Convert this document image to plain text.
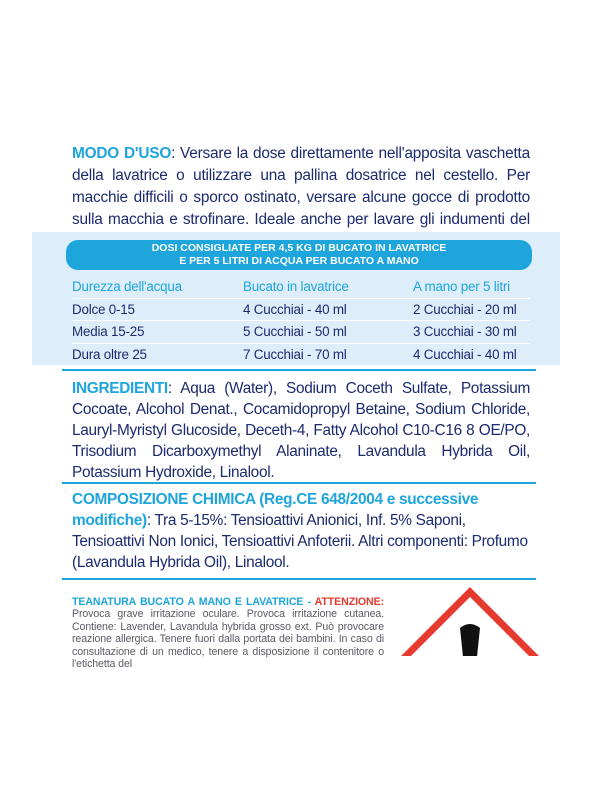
MODO D'USO: Versare la dose direttamente nell'apposita vaschetta della lavatrice o utilizzare una pallina dosatrice nel cestello. Per macchie difficili o sporco ostinato, versare alcune gocce di prodotto sulla macchia e strofinare. Ideale anche per lavare gli indumenti del
DOSI CONSIGLIATE PER 4,5 KG DI BUCATO IN LAVATRICE
E PER 5 LITRI DI ACQUA PER BUCATO A MANO
Durezza dell'acqua	Bucato in lavatrice	A mano per 5 litri
Dolce 0-15	4 Cucchiai - 40 ml	2 Cucchiai - 20 ml
Media 15-25	5 Cucchiai - 50 ml	3 Cucchiai - 30 ml
Dura oltre 25	7 Cucchiai - 70 ml	4 Cucchiai - 40 ml
INGREDIENTI: Aqua (Water), Sodium Coceth Sulfate, Potassium Cocoate, Alcohol Denat., Cocamidopropyl Betaine, Sodium Chloride, Lauryl-Myristyl Glucoside, Deceth-4, Fatty Alcohol C10-C16 8 OE/PO, Trisodium Dicarboxymethyl Alaninate, Lavandula Hybrida Oil, Potassium Hydroxide, Linalool.
COMPOSIZIONE CHIMICA (Reg.CE 648/2004 e successive modifiche): Tra 5-15%: Tensioattivi Anionici, Inf. 5% Saponi, Tensioattivi Non Ionici, Tensioattivi Anfoterii. Altri componenti: Profumo (Lavandula Hybrida Oil), Linalool.
TEANATURA BUCATO A MANO E LAVATRICE - ATTENZIONE: Provoca grave irritazione oculare. Provoca irritazione cutanea. Contiene: Lavender, Lavandula hybrida grosso ext. Può provocare reazione allergica. Tenere fuori dalla portata dei bambini. In caso di consultazione di un medico, tenere a disposizione il contenitore o l'etichetta del
